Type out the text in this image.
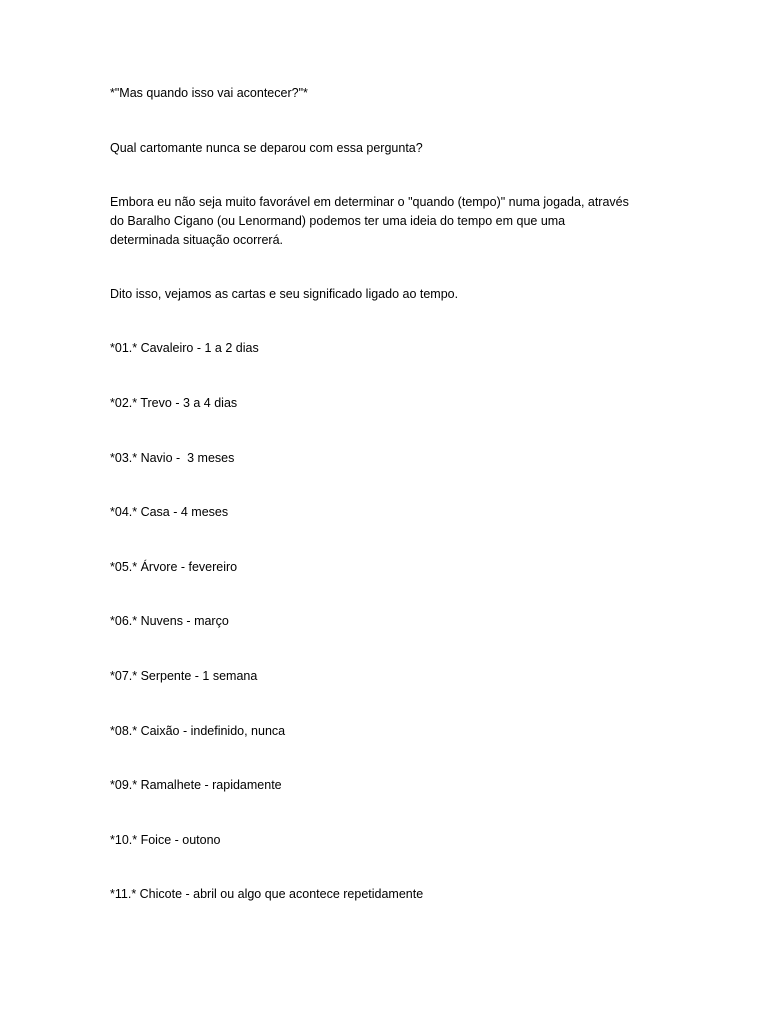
*"Mas quando isso vai acontecer?"*
Qual cartomante nunca se deparou com essa pergunta?
Embora eu não seja muito favorável em determinar o "quando (tempo)" numa jogada, através
do Baralho Cigano (ou Lenormand) podemos ter uma ideia do tempo em que uma
determinada situação ocorrerá.
Dito isso, vejamos as cartas e seu significado ligado ao tempo.
*01.* Cavaleiro - 1 a 2 dias
*02.* Trevo - 3 a 4 dias
*03.* Navio -  3 meses
*04.* Casa - 4 meses
*05.* Árvore - fevereiro
*06.* Nuvens - março
*07.* Serpente - 1 semana
*08.* Caixão - indefinido, nunca
*09.* Ramalhete - rapidamente
*10.* Foice - outono
*11.* Chicote - abril ou algo que acontece repetidamente
